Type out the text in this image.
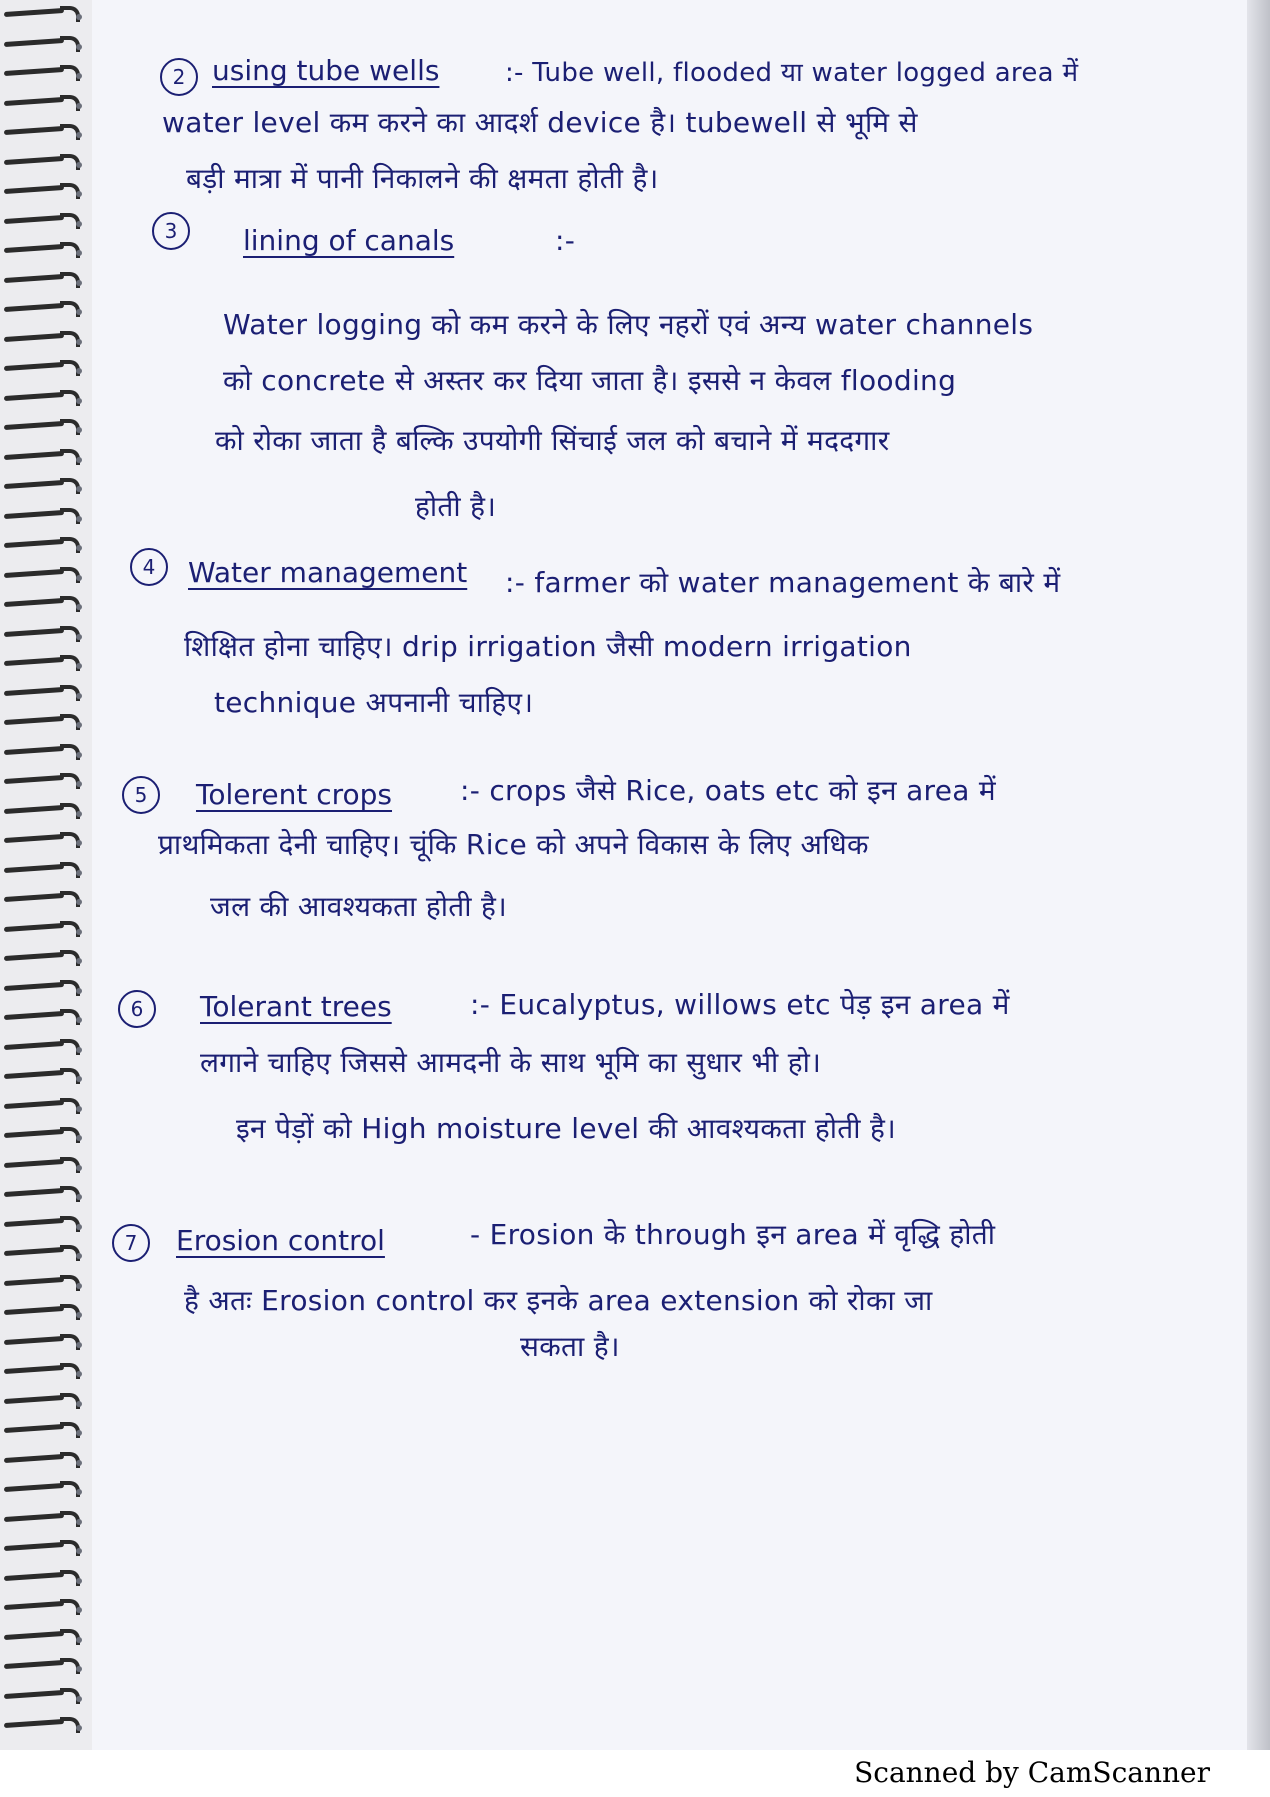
2 using tube wells	:- Tube well, flooded या water logged area में

water level कम करने का आदर्श device है। tubewell से भूमि से

बड़ी मात्रा में पानी निकालने की क्षमता होती है।

3	lining of canals	:-

Water logging को कम करने के लिए नहरों एवं अन्य water channels

को concrete से अस्तर कर दिया जाता है। इससे न केवल flooding

को रोका जाता है बल्कि उपयोगी सिंचाई जल को बचाने में मददगार

होती है।

4	Water management :- farmer को water management के बारे में

शिक्षित होना चाहिए। drip irrigation जैसी modern irrigation

technique अपनानी चाहिए।

5	Tolerent crops :- crops जैसे Rice, oats etc को इन area में

प्राथमिकता देनी चाहिए। चूंकि Rice को अपने विकास के लिए अधिक

जल की आवश्यकता होती है।

6	Tolerant trees	:- Eucalyptus, willows etc पेड़ इन area में

लगाने चाहिए जिससे आमदनी के साथ भूमि का सुधार भी हो।

इन पेड़ों को High moisture level की आवश्यकता होती है।

7	Erosion control	- Erosion के through इन area में वृद्धि होती

है अतः Erosion control कर इनके area extension को रोका जा

सकता है।

Scanned by CamScanner
